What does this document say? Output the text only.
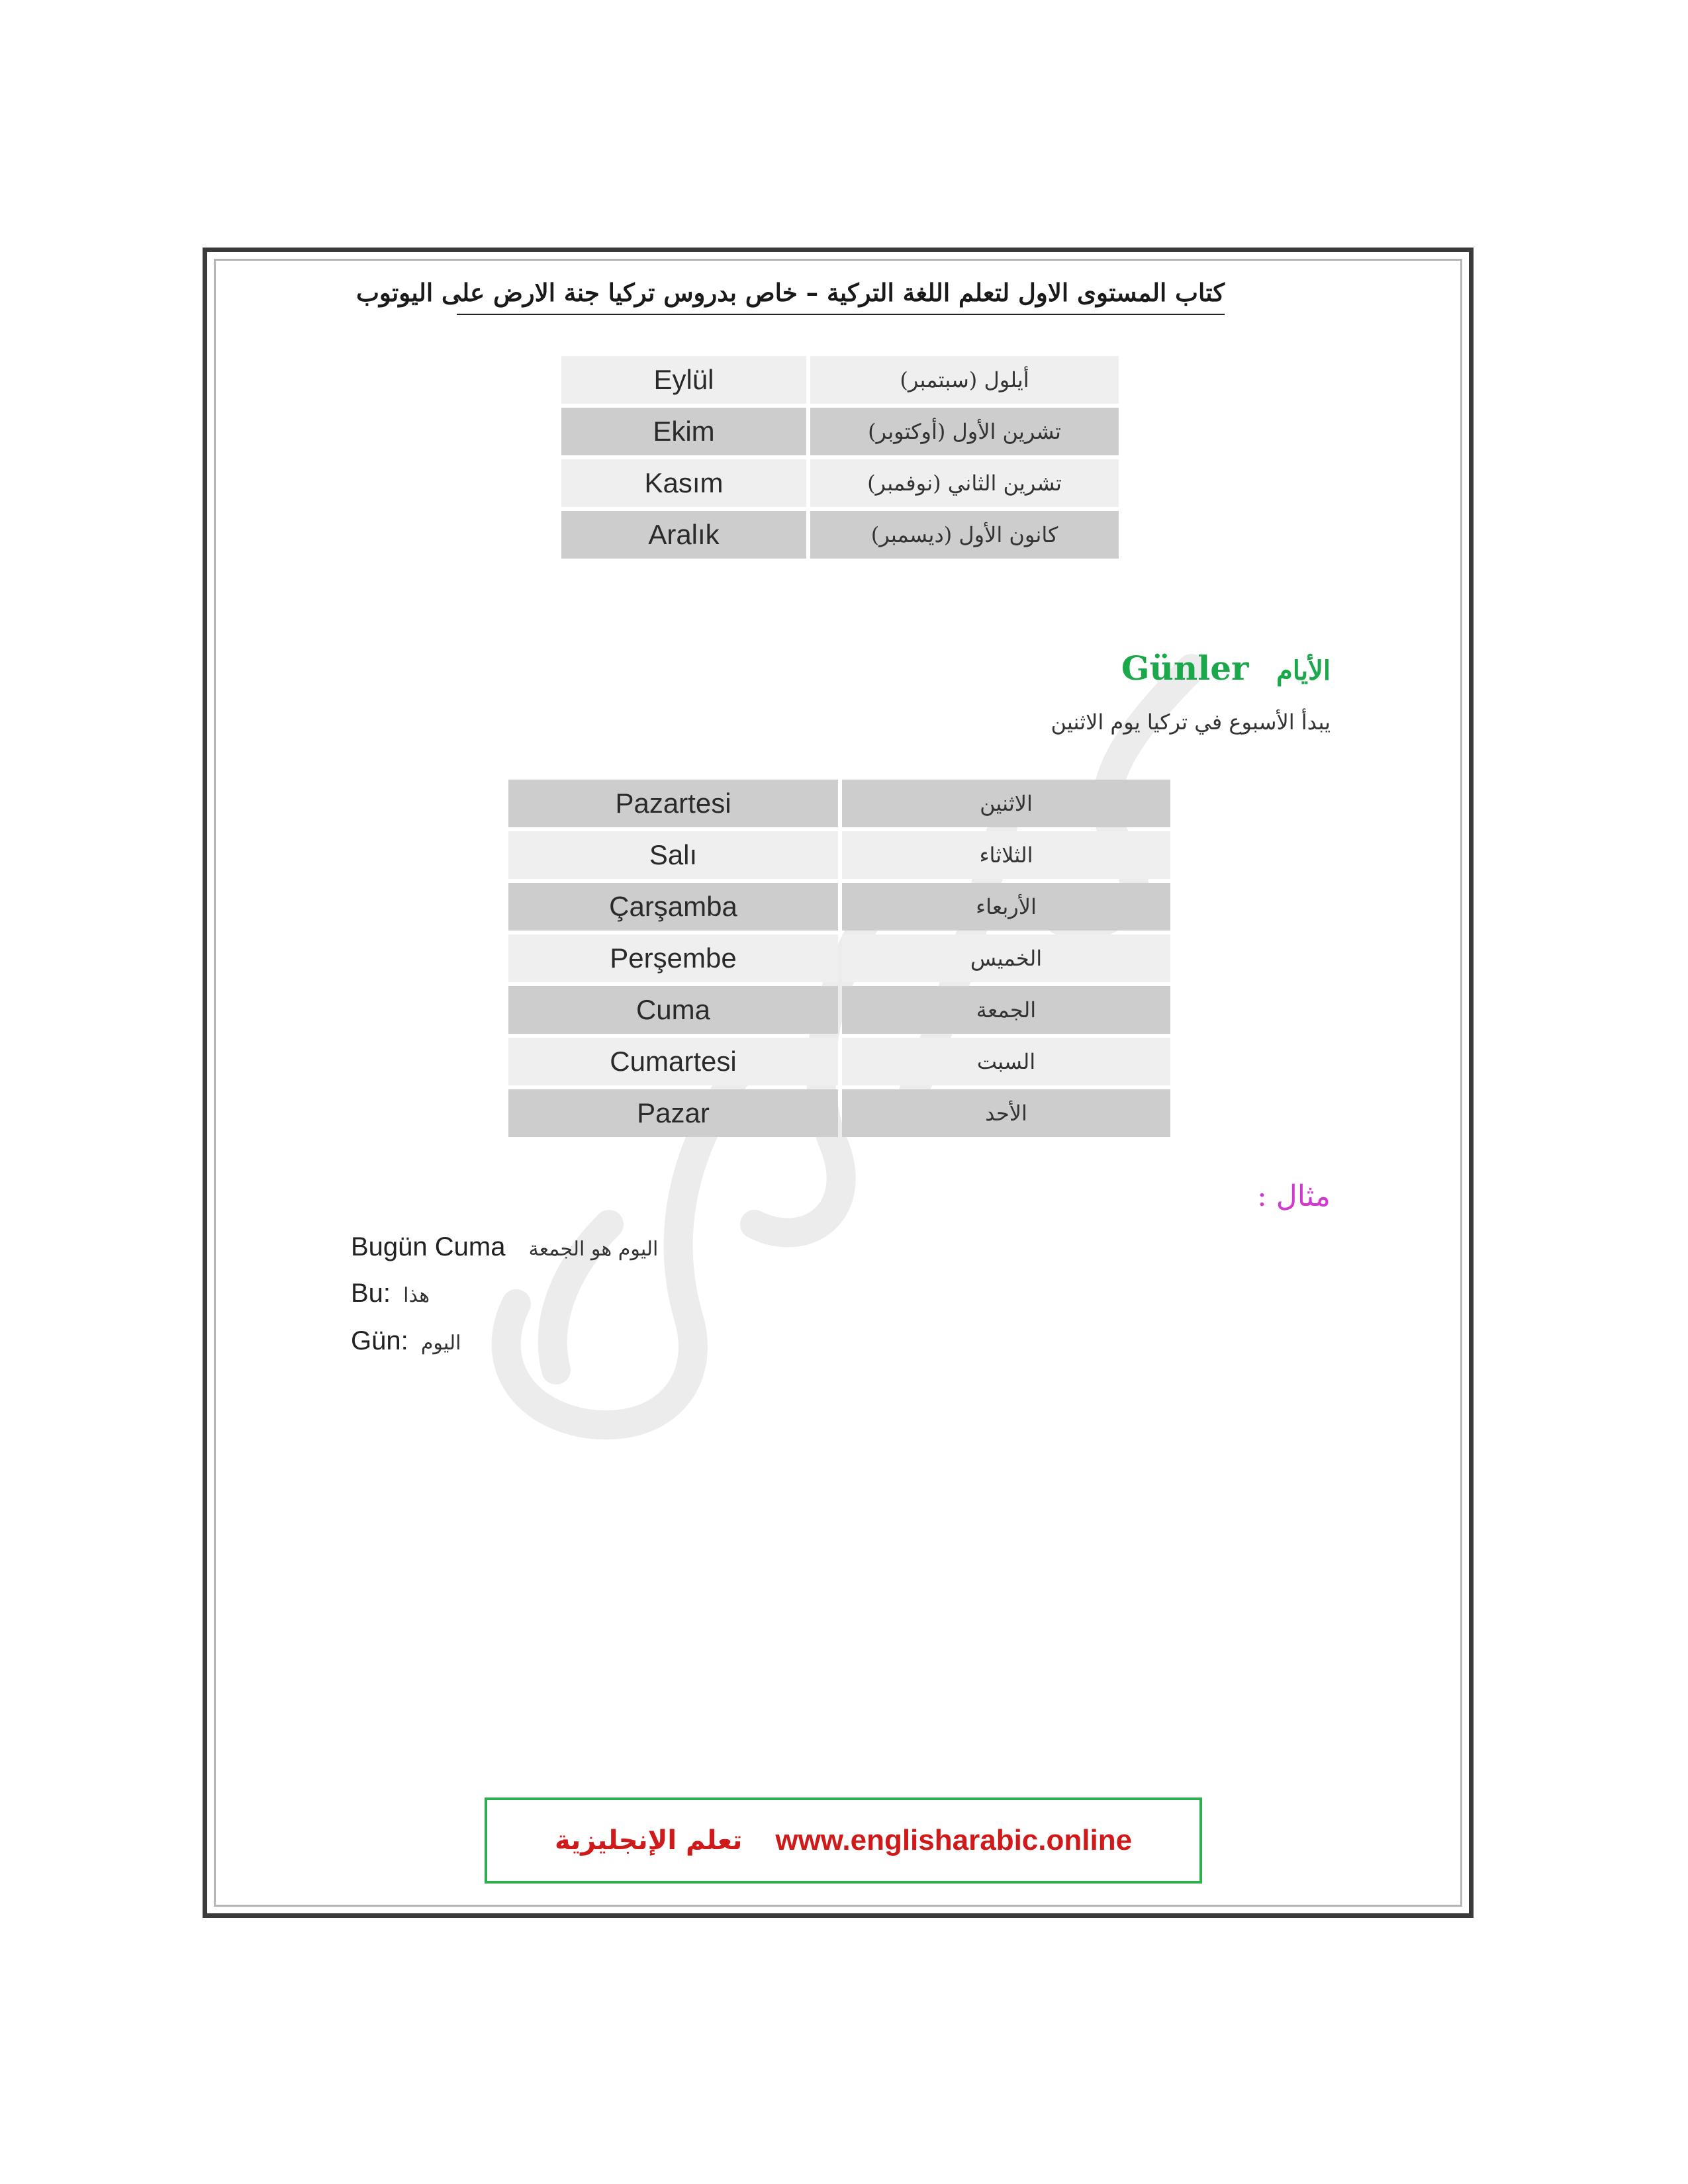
كتاب المستوى الاول لتعلم اللغة التركية – خاص بدروس تركيا جنة الارض على اليوتوب
Eylül	أيلول (سبتمبر)
Ekim	تشرين الأول (أوكتوبر)
Kasım	تشرين الثاني (نوفمبر)
Aralık	كانون الأول (ديسمبر)
الأيام Günler
يبدأ الأسبوع في تركيا يوم الاثنين
Pazartesi	الاثنين
Salı	الثلاثاء
Çarşamba	الأربعاء
Perşembe	الخميس
Cuma	الجمعة
Cumartesi	السبت
Pazar	الأحد
مثال :
Bugün Cuma اليوم هو الجمعة
Bu: هذا
Gün: اليوم
تعلم الإنجليزية www.englisharabic.online
